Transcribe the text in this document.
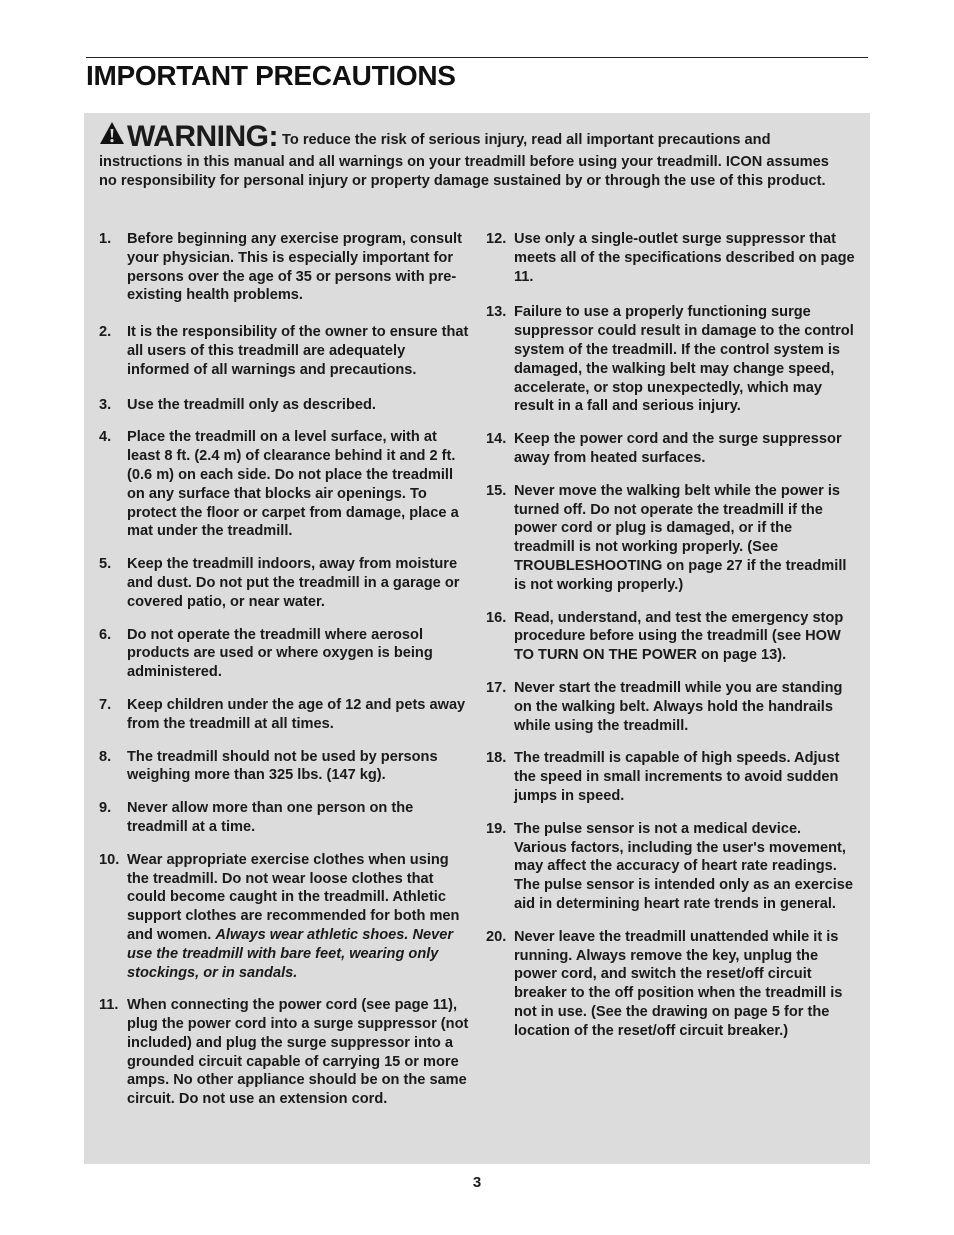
IMPORTANT PRECAUTIONS
WARNING: To reduce the risk of serious injury, read all important precautions and instructions in this manual and all warnings on your treadmill before using your treadmill. ICON assumes no responsibility for personal injury or property damage sustained by or through the use of this product.
1. Before beginning any exercise program, consult your physician. This is especially important for persons over the age of 35 or persons with pre-existing health problems.
2. It is the responsibility of the owner to ensure that all users of this treadmill are adequately informed of all warnings and precautions.
3. Use the treadmill only as described.
4. Place the treadmill on a level surface, with at least 8 ft. (2.4 m) of clearance behind it and 2 ft. (0.6 m) on each side. Do not place the treadmill on any surface that blocks air openings. To protect the floor or carpet from damage, place a mat under the treadmill.
5. Keep the treadmill indoors, away from moisture and dust. Do not put the treadmill in a garage or covered patio, or near water.
6. Do not operate the treadmill where aerosol products are used or where oxygen is being administered.
7. Keep children under the age of 12 and pets away from the treadmill at all times.
8. The treadmill should not be used by persons weighing more than 325 lbs. (147 kg).
9. Never allow more than one person on the treadmill at a time.
10. Wear appropriate exercise clothes when using the treadmill. Do not wear loose clothes that could become caught in the treadmill. Athletic support clothes are recommended for both men and women. Always wear athletic shoes. Never use the treadmill with bare feet, wearing only stockings, or in sandals.
11. When connecting the power cord (see page 11), plug the power cord into a surge suppressor (not included) and plug the surge suppressor into a grounded circuit capable of carrying 15 or more amps. No other appliance should be on the same circuit. Do not use an extension cord.
12. Use only a single-outlet surge suppressor that meets all of the specifications described on page 11.
13. Failure to use a properly functioning surge suppressor could result in damage to the control system of the treadmill. If the control system is damaged, the walking belt may change speed, accelerate, or stop unexpectedly, which may result in a fall and serious injury.
14. Keep the power cord and the surge suppressor away from heated surfaces.
15. Never move the walking belt while the power is turned off. Do not operate the treadmill if the power cord or plug is damaged, or if the treadmill is not working properly. (See TROUBLESHOOTING on page 27 if the treadmill is not working properly.)
16. Read, understand, and test the emergency stop procedure before using the treadmill (see HOW TO TURN ON THE POWER on page 13).
17. Never start the treadmill while you are standing on the walking belt. Always hold the handrails while using the treadmill.
18. The treadmill is capable of high speeds. Adjust the speed in small increments to avoid sudden jumps in speed.
19. The pulse sensor is not a medical device. Various factors, including the user's movement, may affect the accuracy of heart rate readings. The pulse sensor is intended only as an exercise aid in determining heart rate trends in general.
20. Never leave the treadmill unattended while it is running. Always remove the key, unplug the power cord, and switch the reset/off circuit breaker to the off position when the treadmill is not in use. (See the drawing on page 5 for the location of the reset/off circuit breaker.)
3
